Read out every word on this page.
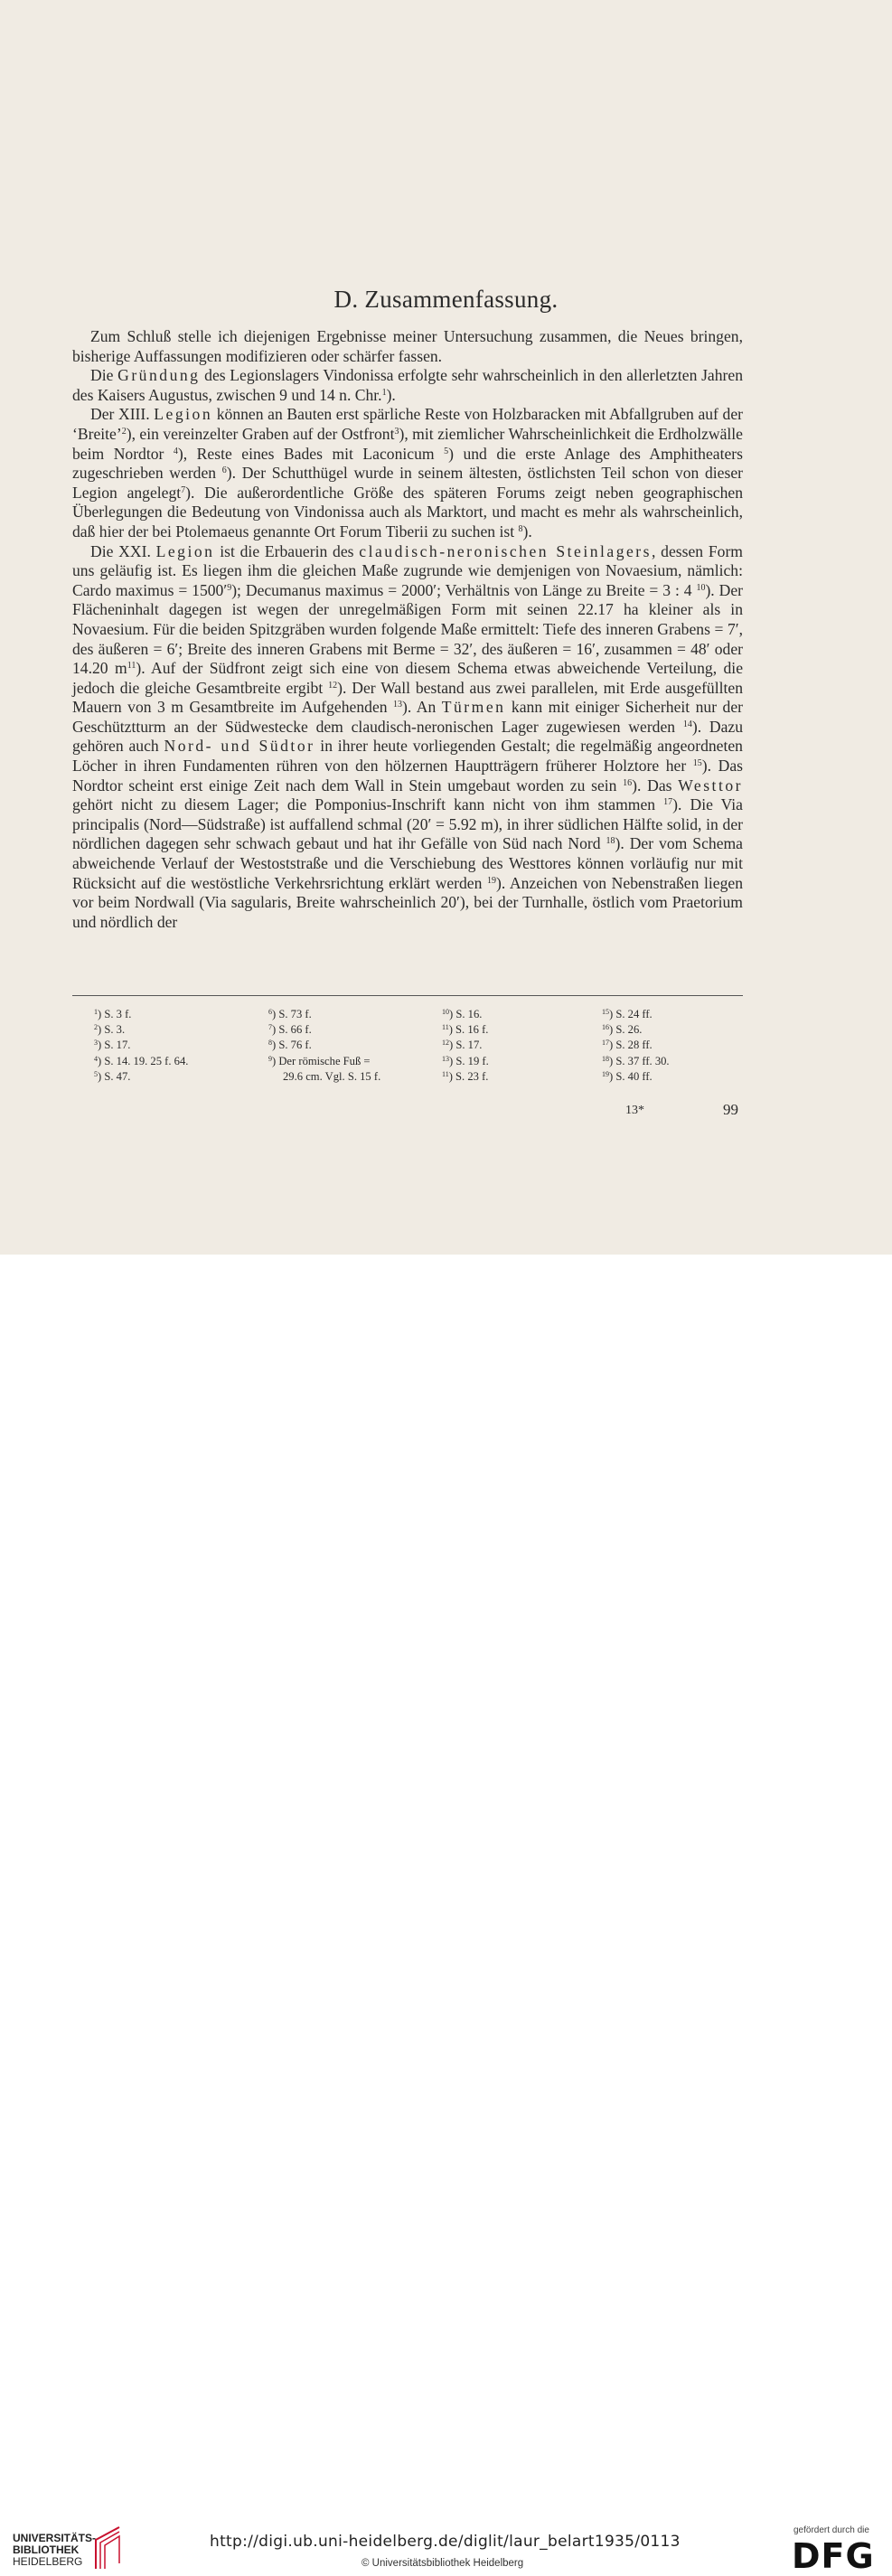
D. Zusammenfassung.

Zum Schluß stelle ich diejenigen Ergebnisse meiner Untersuchung zusammen, die Neues bringen, bisherige Auffassungen modifizieren oder schärfer fassen.

Die Gründung des Legionslagers Vindonissa erfolgte sehr wahrscheinlich in den allerletzten Jahren des Kaisers Augustus, zwischen 9 und 14 n. Chr.$^1$).

Der XIII. Legion können an Bauten erst spärliche Reste von Holzbaracken mit Abfallgruben auf der ‘Breite’$^2$), ein vereinzelter Graben auf der Ostfront$^3$), mit ziemlicher Wahrscheinlichkeit die Erdholzwälle beim Nordtor $^4$), Reste eines Bades mit Laconicum $^5$) und die erste Anlage des Amphitheaters zugeschrieben werden $^6$). Der Schutthügel wurde in seinem ältesten, östlichsten Teil schon von dieser Legion angelegt$^7$). Die außerordentliche Größe des späteren Forums zeigt neben geographischen Überlegungen die Bedeutung von Vindonissa auch als Marktort, und macht es mehr als wahrscheinlich, daß hier der bei Ptolemaeus genannte Ort Forum Tiberii zu suchen ist $^8$).

Die XXI. Legion ist die Erbauerin des claudisch-neronischen Steinlagers, dessen Form uns geläufig ist. Es liegen ihm die gleichen Maße zugrunde wie demjenigen von Novaesium, nämlich: Cardo maximus = $1500'^9$); Decumanus maximus = 2000′; Verhältnis von Länge zu Breite = 3 : 4 $^{10}$). Der Flächeninhalt dagegen ist wegen der unregelmäßigen Form mit seinen 22.17 ha kleiner als in Novaesium. Für die beiden Spitzgräben wurden folgende Maße ermittelt: Tiefe des inneren Grabens = 7′, des äußeren = 6′; Breite des inneren Grabens mit Berme = 32′, des äußeren = 16′, zusammen = 48′ oder 14.20 $m^{11}$). Auf der Südfront zeigt sich eine von diesem Schema etwas abweichende Verteilung, die jedoch die gleiche Gesamtbreite ergibt $^{12}$). Der Wall bestand aus zwei parallelen, mit Erde ausgefüllten Mauern von 3 m Gesamtbreite im Aufgehenden $^{13}$). An Türmen kann mit einiger Sicherheit nur der Geschütztturm an der Südwestecke dem claudisch-neronischen Lager zugewiesen werden $^{14}$). Dazu gehören auch Nord- und Südtor in ihrer heute vorliegenden Gestalt; die regelmäßig angeordneten Löcher in ihren Fundamenten rühren von den hölzernen Hauptträgern früherer Holztore her $^{15}$). Das Nordtor scheint erst einige Zeit nach dem Wall in Stein umgebaut worden zu sein $^{16}$). Das Westtor gehört nicht zu diesem Lager; die Pomponius-Inschrift kann nicht von ihm stammen $^{17}$). Die Via principalis (Nord—Südstraße) ist auffallend schmal (20′ = 5.92 m), in ihrer südlichen Hälfte solid, in der nördlichen dagegen sehr schwach gebaut und hat ihr Gefälle von Süd nach Nord $^{18}$). Der vom Schema abweichende Verlauf der Westoststraße und die Verschiebung des Westtores können vorläufig nur mit Rücksicht auf die westöstliche Verkehrsrichtung erklärt werden $^{19}$). Anzeichen von Nebenstraßen liegen vor beim Nordwall (Via sagularis, Breite wahrscheinlich 20′), bei der Turnhalle, östlich vom Praetorium und nördlich der

$^1$) S. 3 f.
$^2$) S. 3.
$^3$) S. 17.
$^4$) S. 14. 19. 25 f. 64.
$^5$) S. 47.
$^6$) S. 73 f.
$^7$) S. 66 f.
$^8$) S. 76 f.
$^9$) Der römische Fuß =
29.6 cm. Vgl. S. 15 f.
$^{10}$) S. 16.
$^{11}$) S. 16 f.
$^{12}$) S. 17.
$^{13}$) S. 19 f.
$^{11}$) S. 23 f.
$^{15}$) S. 24 ff.
$^{16}$) S. 26.
$^{17}$) S. 28 ff.
$^{18}$) S. 37 ff. 30.
$^{19}$) S. 40 ff.
13*	99
UNIVERSITÄTS-
BIBLIOTHEK
HEIDELBERG
http://digi.ub.uni-heidelberg.de/diglit/laur_belart1935/0113
© Universitätsbibliothek Heidelberg
gefördert durch die
DFG
